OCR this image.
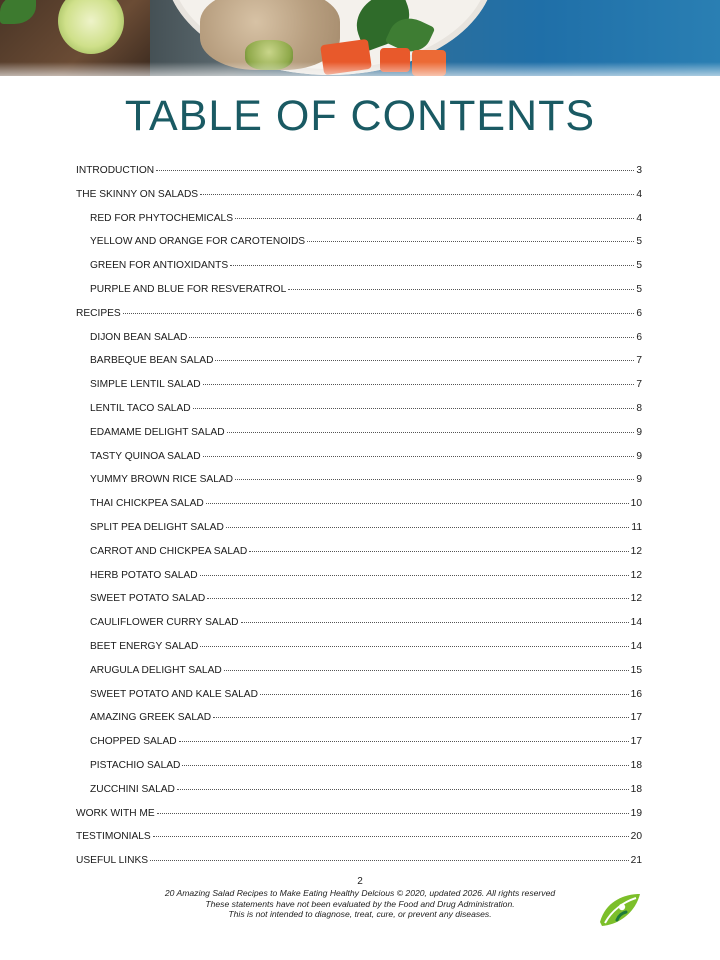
TABLE OF CONTENTS
INTRODUCTION	3
THE SKINNY ON SALADS	4
RED FOR PHYTOCHEMICALS	4
YELLOW AND ORANGE FOR CAROTENOIDS	5
GREEN FOR ANTIOXIDANTS	5
PURPLE AND BLUE FOR RESVERATROL	5
RECIPES	6
DIJON BEAN SALAD	6
BARBEQUE BEAN SALAD	7
SIMPLE LENTIL SALAD	7
LENTIL TACO SALAD	8
EDAMAME DELIGHT SALAD	9
TASTY QUINOA SALAD	9
YUMMY BROWN RICE SALAD	9
THAI CHICKPEA SALAD	10
SPLIT PEA DELIGHT SALAD	11
CARROT AND CHICKPEA SALAD	12
HERB POTATO SALAD	12
SWEET POTATO SALAD	12
CAULIFLOWER CURRY SALAD	14
BEET ENERGY SALAD	14
ARUGULA DELIGHT SALAD	15
SWEET POTATO AND KALE SALAD	16
AMAZING GREEK SALAD	17
CHOPPED SALAD	17
PISTACHIO SALAD	18
ZUCCHINI SALAD	18
WORK WITH ME	19
TESTIMONIALS	20
USEFUL LINKS	21
2
20 Amazing Salad Recipes to Make Eating Healthy Delcious © 2020, updated 2026. All rights reserved
These statements have not been evaluated by the Food and Drug Administration.
This is not intended to diagnose, treat, cure, or prevent any diseases.
